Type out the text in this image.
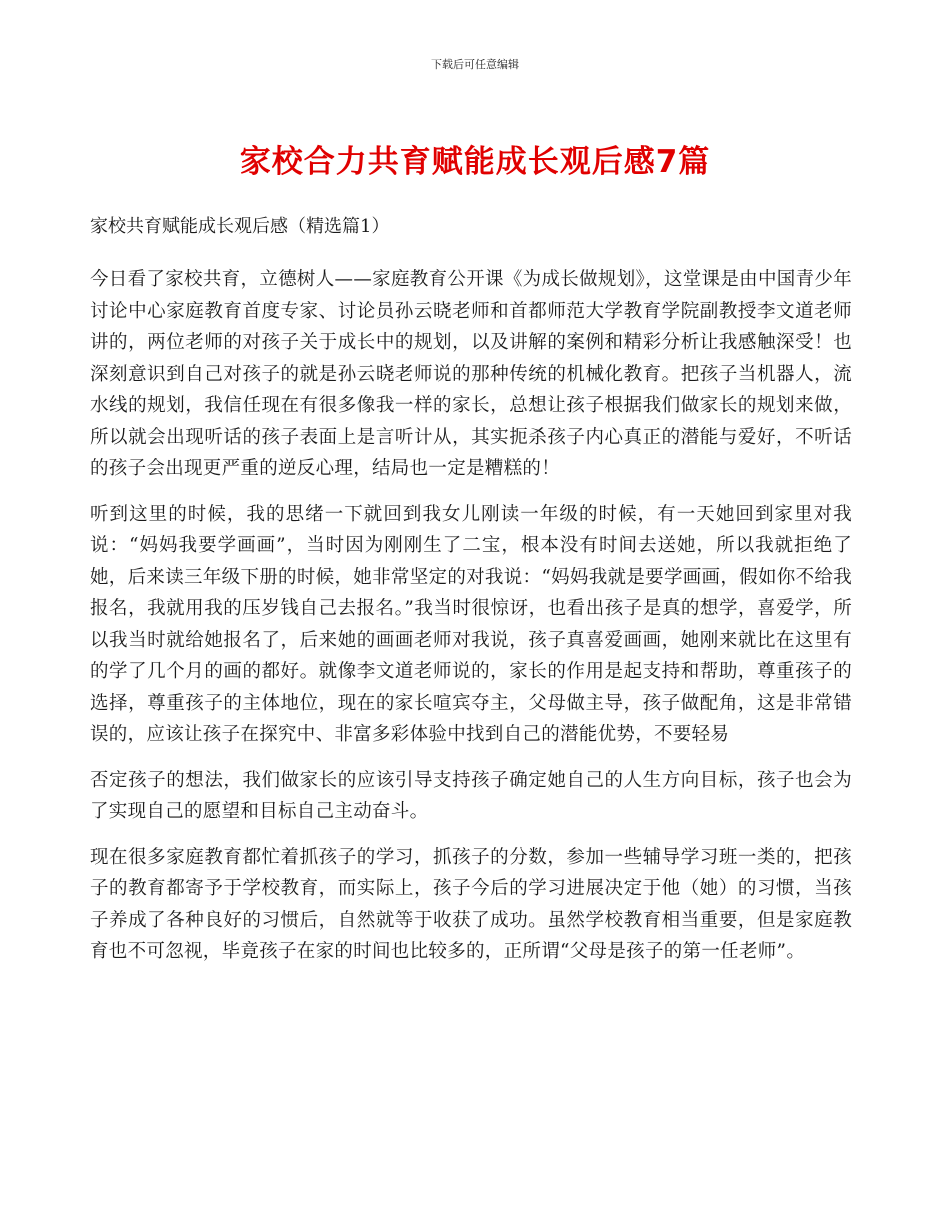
下载后可任意编辑
家校合力共育赋能成长观后感7篇

家校共育赋能成长观后感（精选篇1）

今日看了家校共育，立德树人——家庭教育公开课《为成长做规划》，这堂课是由中国青少年讨论中心家庭教育首度专家、讨论员孙云晓老师和首都师范大学教育学院副教授李文道老师讲的，两位老师的对孩子关于成长中的规划，以及讲解的案例和精彩分析让我感触深受！也深刻意识到自己对孩子的就是孙云晓老师说的那种传统的机械化教育。把孩子当机器人，流水线的规划，我信任现在有很多像我一样的家长，总想让孩子根据我们做家长的规划来做，所以就会出现听话的孩子表面上是言听计从，其实扼杀孩子内心真正的潜能与爱好，不听话的孩子会出现更严重的逆反心理，结局也一定是糟糕的！

听到这里的时候，我的思绪一下就回到我女儿刚读一年级的时候，有一天她回到家里对我说：“妈妈我要学画画”，当时因为刚刚生了二宝，根本没有时间去送她，所以我就拒绝了她，后来读三年级下册的时候，她非常坚定的对我说：“妈妈我就是要学画画，假如你不给我报名，我就用我的压岁钱自己去报名。”我当时很惊讶，也看出孩子是真的想学，喜爱学，所以我当时就给她报名了，后来她的画画老师对我说，孩子真喜爱画画，她刚来就比在这里有的学了几个月的画的都好。就像李文道老师说的，家长的作用是起支持和帮助，尊重孩子的选择，尊重孩子的主体地位，现在的家长喧宾夺主，父母做主导，孩子做配角，这是非常错误的，应该让孩子在探究中、非富多彩体验中找到自己的潜能优势，不要轻易

否定孩子的想法，我们做家长的应该引导支持孩子确定她自己的人生方向目标，孩子也会为了实现自己的愿望和目标自己主动奋斗。

现在很多家庭教育都忙着抓孩子的学习，抓孩子的分数，参加一些辅导学习班一类的，把孩子的教育都寄予于学校教育，而实际上，孩子今后的学习进展决定于他（她）的习惯，当孩子养成了各种良好的习惯后，自然就等于收获了成功。虽然学校教育相当重要，但是家庭教育也不可忽视，毕竟孩子在家的时间也比较多的，正所谓“父母是孩子的第一任老师”。
